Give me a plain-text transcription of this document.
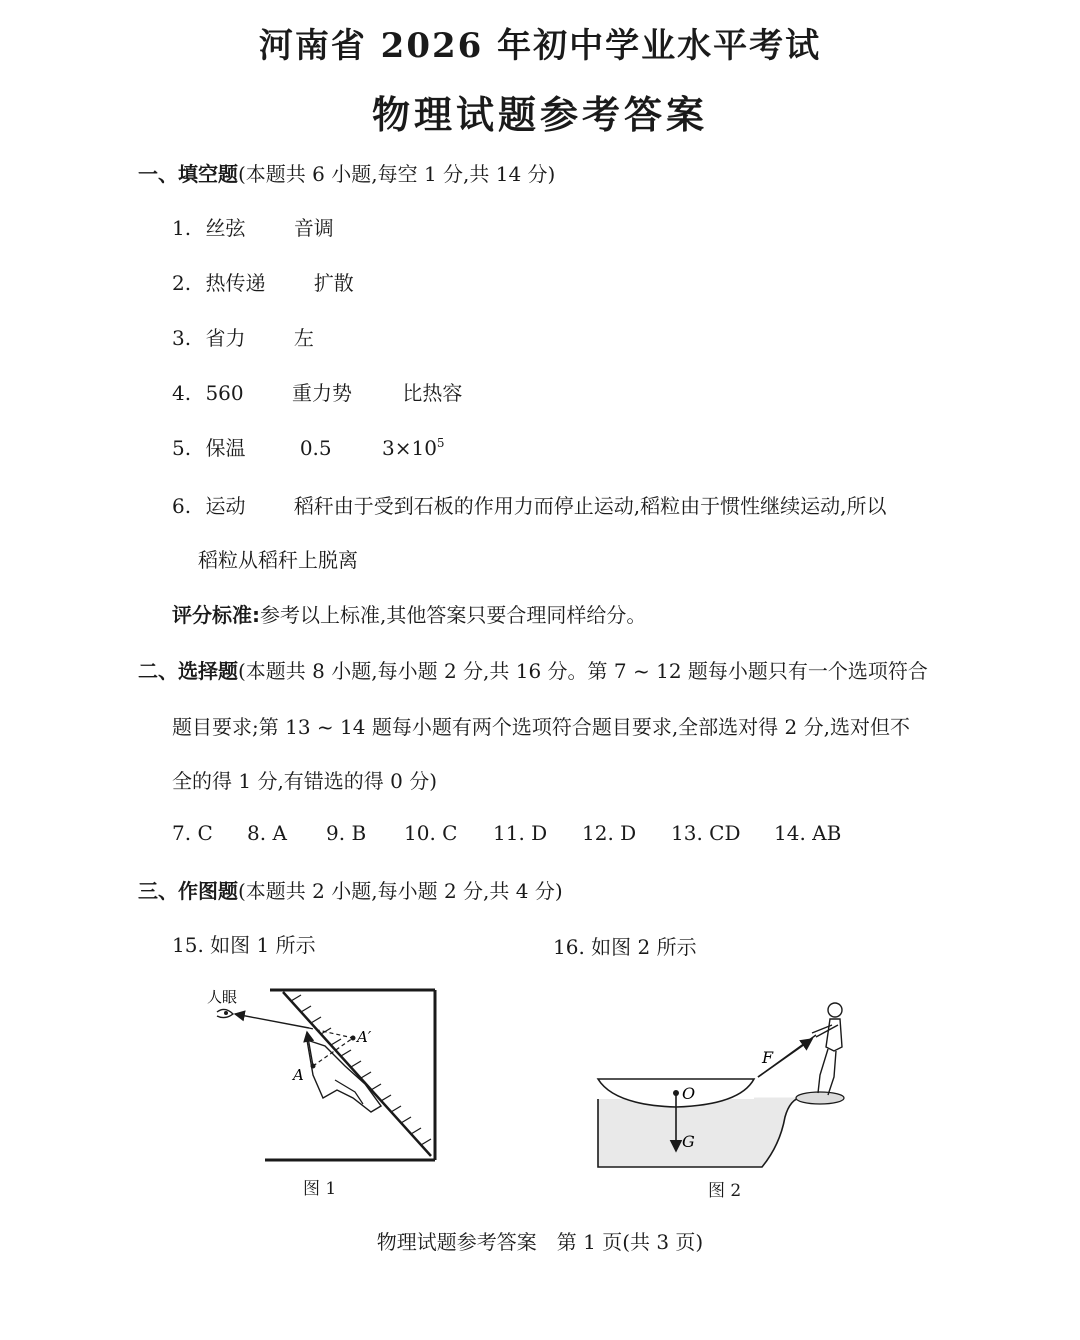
河南省 2026 年初中学业水平考试
物理试题参考答案
一、填空题(本题共 6 小题,每空 1 分,共 14 分)
1. 丝弦 音调
2. 热传递 扩散
3. 省力 左
4. 560 重力势	比热容
5. 保温	0.5	$3\times 10^5$
6. 运动 稻秆由于受到石板的作用力而停止运动,稻粒由于惯性继续运动,所以
稻粒从稻秆上脱离
评分标准:参考以上标准,其他答案只要合理同样给分。
二、选择题(本题共 8 小题,每小题 2 分,共 16 分。第 7 ~ 12 题每小题只有一个选项符合
题目要求;第 13 ~ 14 题每小题有两个选项符合题目要求,全部选对得 2 分,选对但不
全的得 1 分,有错选的得 0 分)
7. C 8. A 9. B 10. C 11. D 12. D 13. CD 14. AB
三、作图题(本题共 2 小题,每小题 2 分,共 4 分)
15. 如图 1 所示	16. 如图 2 所示
人眼
A′
A
图 1
F
O
G
图 2
物理试题参考答案　第 1 页(共 3 页)
